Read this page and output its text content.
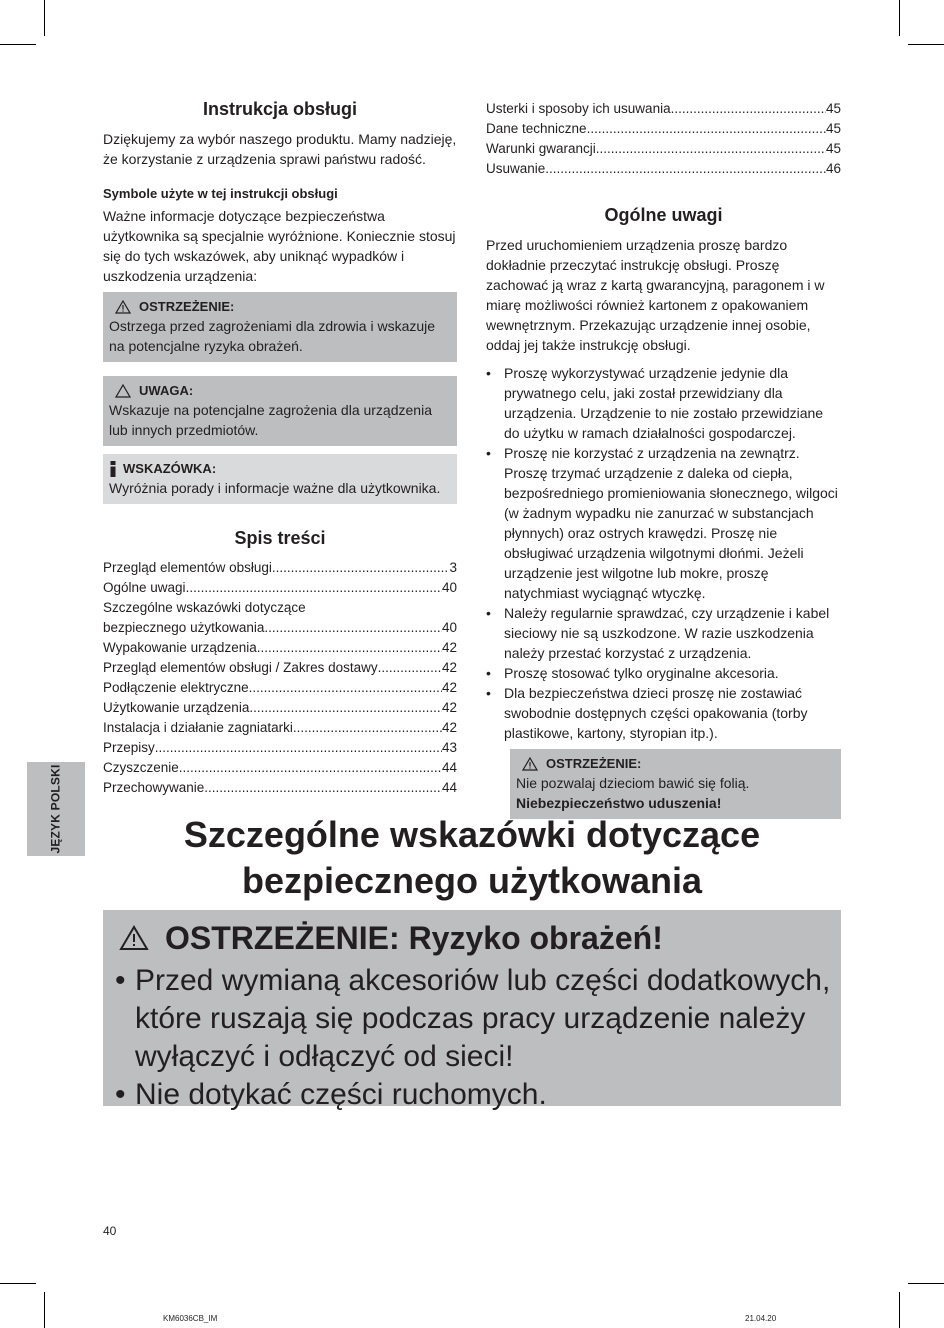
Instrukcja obsługi

Dziękujemy za wybór naszego produktu. Mamy nadzieję, że korzystanie z urządzenia sprawi państwu radość.

Symbole użyte w tej instrukcji obsługi

Ważne informacje dotyczące bezpieczeństwa użytkownika są specjalnie wyróżnione. Koniecznie stosuj się do tych wskazówek, aby uniknąć wypadków i uszkodzenia urządzenia:

OSTRZEŻENIE:
Ostrzega przed zagrożeniami dla zdrowia i wskazuje na potencjalne ryzyka obrażeń.
UWAGA:
Wskazuje na potencjalne zagrożenia dla urządzenia lub innych przedmiotów.
WSKAZÓWKA:
Wyróżnia porady i informacje ważne dla użytkownika.
Spis treści
Przegląd elementów obsługi .....	3
Ogólne uwagi .....	40
Szczególne wskazówki dotyczące
bezpiecznego użytkowania .....	40
Wypakowanie urządzenia .....	42
Przegląd elementów obsługi / Zakres dostawy .....	42
Podłączenie elektryczne .....	42
Użytkowanie urządzenia .....	42
Instalacja i działanie zagniatarki .....	42
Przepisy .....	43
Czyszczenie .....	44
Przechowywanie .....	44
Usterki i sposoby ich usuwania .....	45
Dane techniczne .....	45
Warunki gwarancji .....	45
Usuwanie .....	46
Ogólne uwagi

Przed uruchomieniem urządzenia proszę bardzo dokładnie przeczytać instrukcję obsługi. Proszę zachować ją wraz z kartą gwarancyjną, paragonem i w miarę możliwości również kartonem z opakowaniem wewnętrznym. Przekazując urządzenie innej osobie, oddaj jej także instrukcję obsługi.

• Proszę wykorzystywać urządzenie jedynie dla prywatnego celu, jaki został przewidziany dla urządzenia. Urządzenie to nie zostało przewidziane do użytku w ramach działalności gospodarczej.
• Proszę nie korzystać z urządzenia na zewnątrz. Proszę trzymać urządzenie z daleka od ciepła, bezpośredniego promieniowania słonecznego, wilgoci (w żadnym wypadku nie zanurzać w substancjach płynnych) oraz ostrych krawędzi. Proszę nie obsługiwać urządzenia wilgotnymi dłońmi. Jeżeli urządzenie jest wilgotne lub mokre, proszę natychmiast wyciągnąć wtyczkę.
• Należy regularnie sprawdzać, czy urządzenie i kabel sieciowy nie są uszkodzone. W razie uszkodzenia należy przestać korzystać z urządzenia.
• Proszę stosować tylko oryginalne akcesoria.
• Dla bezpieczeństwa dzieci proszę nie zostawiać swobodnie dostępnych części opakowania (torby plastikowe, kartony, styropian itp.).
OSTRZEŻENIE:
Nie pozwalaj dzieciom bawić się folią. Niebezpieczeństwo uduszenia!
JĘZYK POLSKI	Szczególne wskazówki dotyczące
bezpiecznego użytkowania
OSTRZEŻENIE: Ryzyko obrażeń!
• Przed wymianą akcesoriów lub części dodatkowych, które ruszają się podczas pracy urządzenie należy wyłączyć i odłączyć od sieci!
• Nie dotykać części ruchomych.
40
KM6036CB_IM	21.04.20
